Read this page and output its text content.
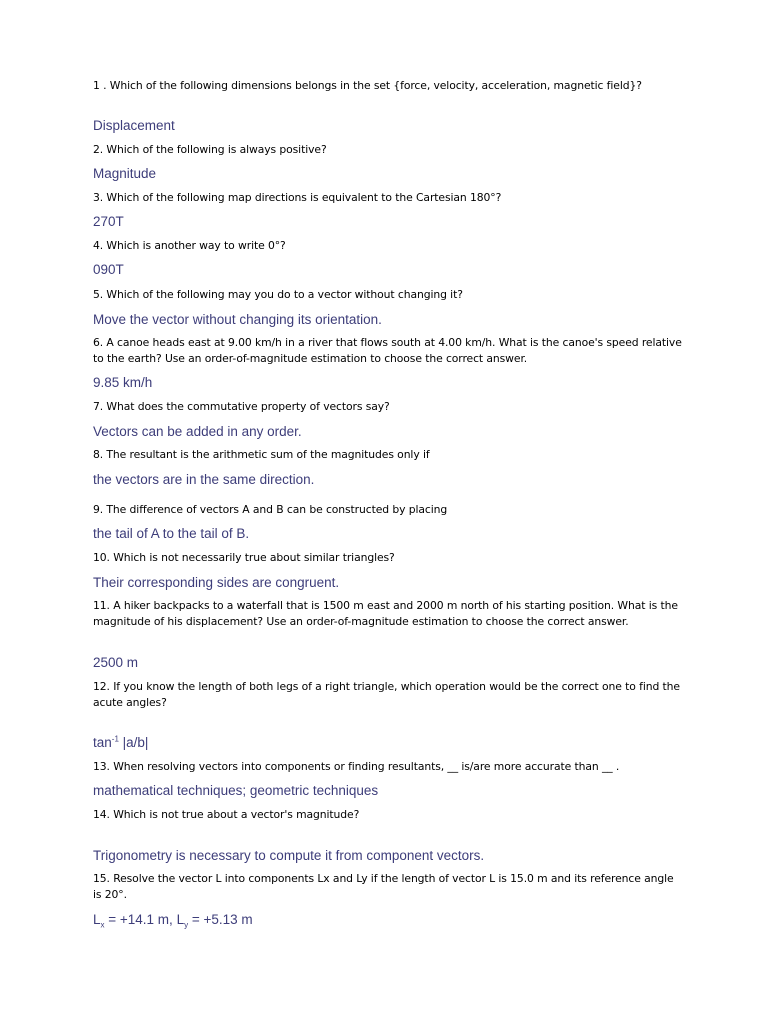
1 . Which of the following dimensions belongs in the set {force, velocity, acceleration, magnetic field}?
Displacement
2. Which of the following is always positive?
Magnitude
3. Which of the following map directions is equivalent to the Cartesian 180°?
270T
4. Which is another way to write 0°?
090T
5. Which of the following may you do to a vector without changing it?
Move the vector without changing its orientation.
6. A canoe heads east at 9.00 km/h in a river that flows south at 4.00 km/h. What is the canoe's speed relative to the earth? Use an order-of-magnitude estimation to choose the correct answer.
9.85 km/h
7. What does the commutative property of vectors say?
Vectors can be added in any order.
8. The resultant is the arithmetic sum of the magnitudes only if
the vectors are in the same direction.
9. The difference of vectors A and B can be constructed by placing
the tail of A to the tail of B.
10. Which is not necessarily true about similar triangles?
Their corresponding sides are congruent.
11. A hiker backpacks to a waterfall that is 1500 m east and 2000 m north of his starting position. What is the magnitude of his displacement? Use an order-of-magnitude estimation to choose the correct answer.
2500 m
12. If you know the length of both legs of a right triangle, which operation would be the correct one to find the acute angles?
$\tan^{-1} |a/b|$
13. When resolving vectors into components or finding resultants, __ is/are more accurate than __ .
mathematical techniques; geometric techniques
14. Which is not true about a vector's magnitude?
Trigonometry is necessary to compute it from component vectors.
15. Resolve the vector L into components Lx and Ly if the length of vector L is 15.0 m and its reference angle is 20°.
$L_x = +14.1$ m, $L_y = +5.13$ m
